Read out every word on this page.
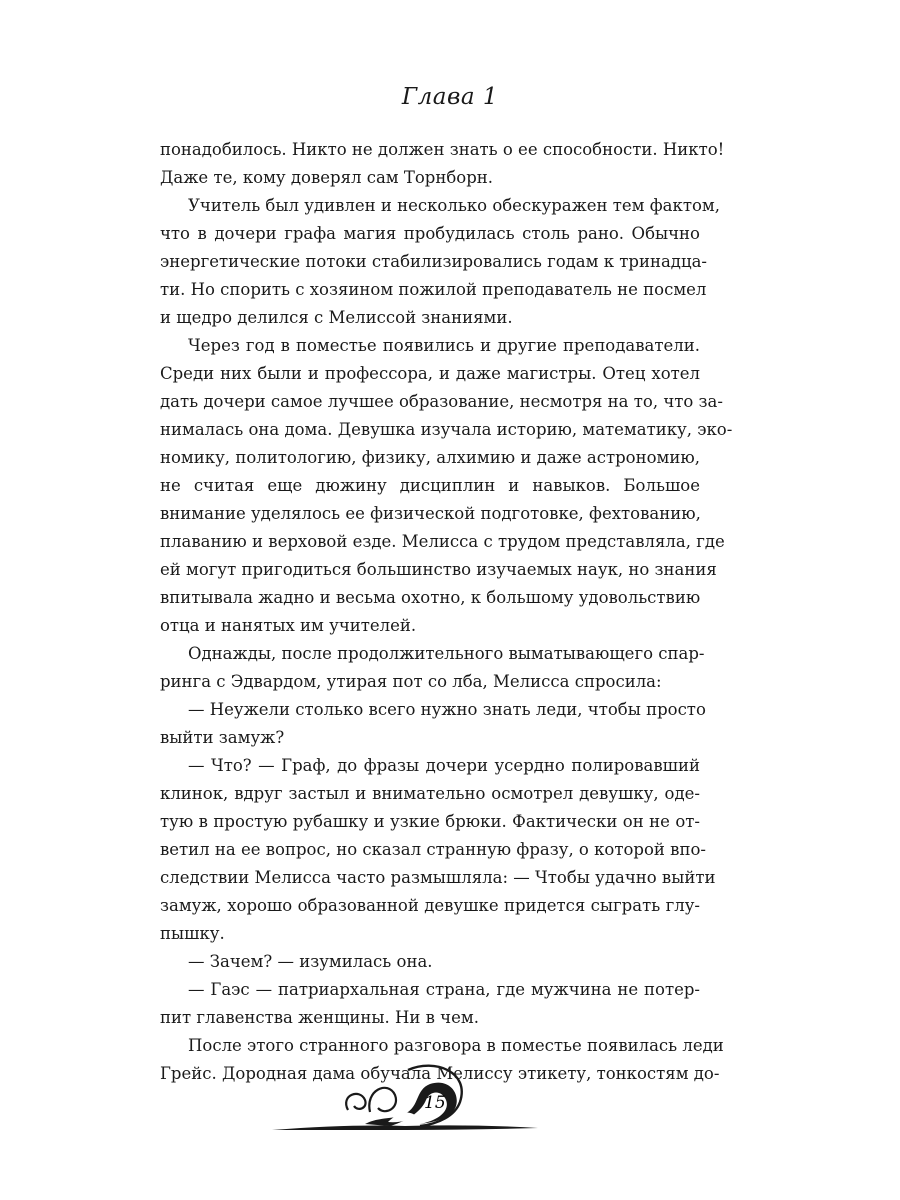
Глава 1
понадобилось. Никто не должен знать о ее способности. Никто!
Даже те, кому доверял сам Торнборн.
Учитель был удивлен и несколько обескуражен тем фактом,
что в дочери графа магия пробудилась столь рано. Обычно
энергетические потоки стабилизировались годам к тринадца-
ти. Но спорить с хозяином пожилой преподаватель не посмел
и щедро делился с Мелиссой знаниями.
Через год в поместье появились и другие преподаватели.
Среди них были и профессора, и даже магистры. Отец хотел
дать дочери самое лучшее образование, несмотря на то, что за-
нималась она дома. Девушка изучала историю, математику, эко-
номику, политологию, физику, алхимию и даже астрономию,
не считая еще дюжину дисциплин и навыков. Большое
внимание уделялось ее физической подготовке, фехтованию,
плаванию и верховой езде. Мелисса с трудом представляла, где
ей могут пригодиться большинство изучаемых наук, но знания
впитывала жадно и весьма охотно, к большому удовольствию
отца и нанятых им учителей.
Однажды, после продолжительного выматывающего спар-
ринга с Эдвардом, утирая пот со лба, Мелисса спросила:
— Неужели столько всего нужно знать леди, чтобы просто
выйти замуж?
— Что? — Граф, до фразы дочери усердно полировавший
клинок, вдруг застыл и внимательно осмотрел девушку, оде-
тую в простую рубашку и узкие брюки. Фактически он не от-
ветил на ее вопрос, но сказал странную фразу, о которой впо-
следствии Мелисса часто размышляла: — Чтобы удачно выйти
замуж, хорошо образованной девушке придется сыграть глу-
пышку.
— Зачем? — изумилась она.
— Гаэс — патриархальная страна, где мужчина не потер-
пит главенства женщины. Ни в чем.
После этого странного разговора в поместье появилась леди
Грейс. Дородная дама обучала Мелиссу этикету, тонкостям до-
15
